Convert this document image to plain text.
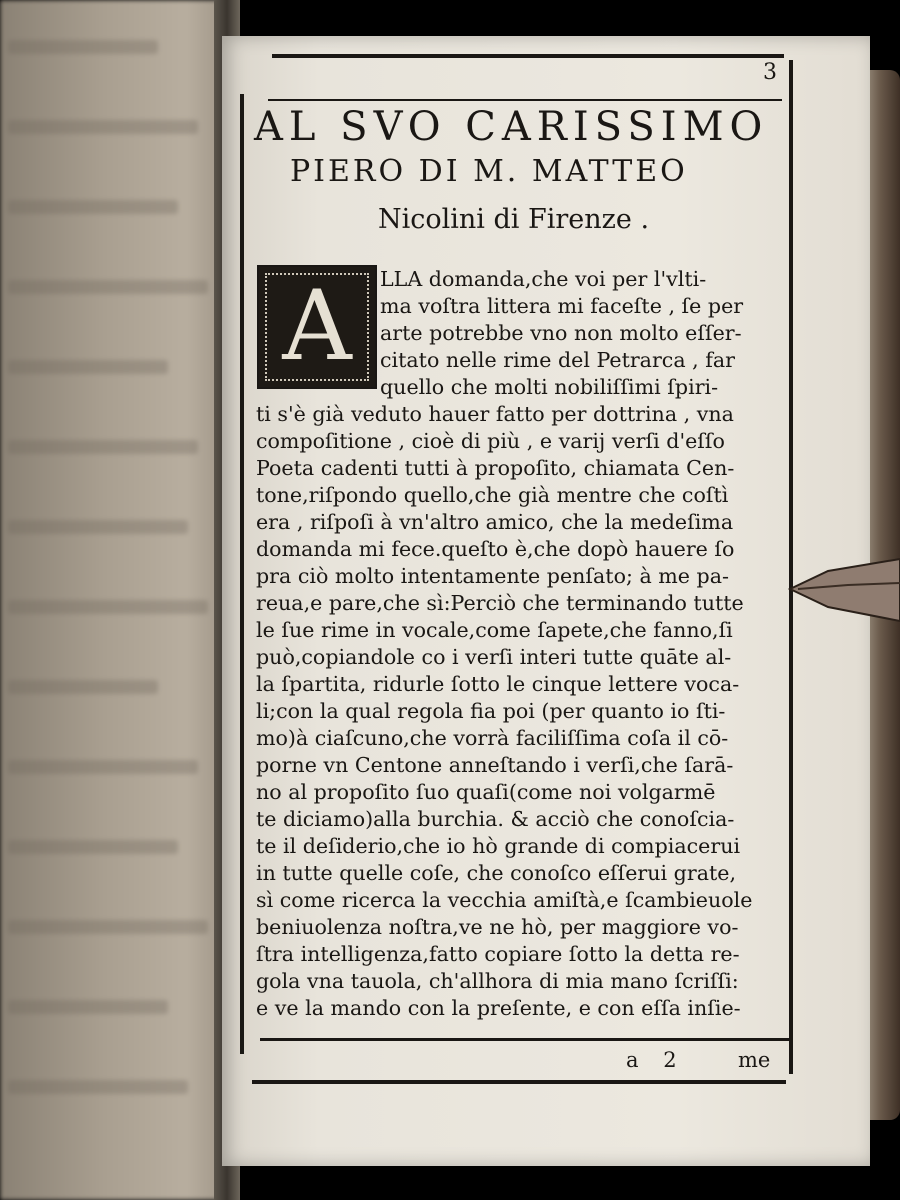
3
AL SVO CARISSIMO
PIERO DI M. MATTEO
Nicolini di Firenze .
A	LLA domanda,che voi per l'vlti-
ma voſtra littera mi faceſte , ſe per
arte potrebbe vno non molto eſſer-
citato nelle rime del Petrarca , far
quello che molti nobiliſſimi ſpiri-
ti s'è già veduto hauer fatto per dottrina , vna
compoſitione , cioè di più , e varij verſi d'eſſo
Poeta cadenti tutti à propoſito, chiamata Cen-
tone,riſpondo quello,che già mentre che coſtì
era , riſpoſi à vn'altro amico, che la medeſima
domanda mi fece.queſto è,che dopò hauere ſo
pra ciò molto intentamente penſato; à me pa-
reua,e pare,che sì:Perciò che terminando tutte
le ſue rime in vocale,come ſapete,che fanno,ſi
può,copiandole co i verſi interi tutte quāte al-
la ſpartita, ridurle ſotto le cinque lettere voca-
li;con la qual regola fia poi (per quanto io ſti-
mo)à ciaſcuno,che vorrà faciliſſima coſa il cō-
porne vn Centone anneſtando i verſi,che ſarā-
no al propoſito ſuo quaſi(come noi volgarmē
te diciamo)alla burchia. & acciò che conoſcia-
te il deſiderio,che io hò grande di compiacerui
in tutte quelle coſe, che conoſco eſſerui grate,
sì come ricerca la vecchia amiſtà,e ſcambieuole
beniuolenza noſtra,ve ne hò, per maggiore vo-
ſtra intelligenza,fatto copiare ſotto la detta re-
gola vna tauola, ch'allhora di mia mano ſcriſſi:
e ve la mando con la preſente, e con eſſa inſie-
a 2	me
